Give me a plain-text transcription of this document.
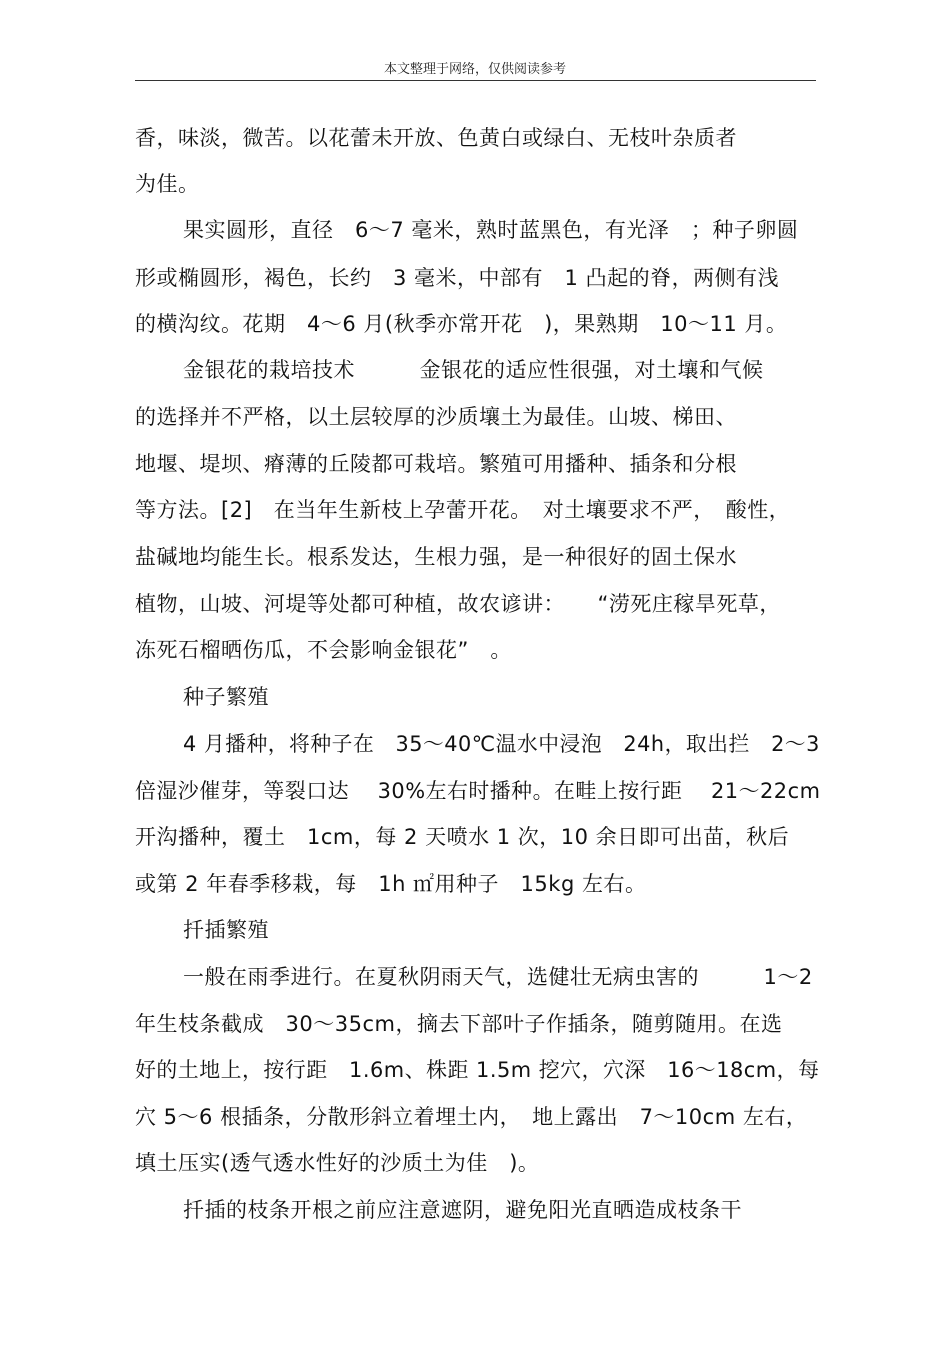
本文整理于网络，仅供阅读参考
香，味淡，微苦。以花蕾未开放、色黄白或绿白、无枝叶杂质者
为佳。
果实圆形，直径　6～7 毫米，熟时蓝黑色，有光泽　；种子卵圆
形或椭圆形，褐色，长约　3 毫米，中部有　1 凸起的脊，两侧有浅
的横沟纹。花期　4～6 月(秋季亦常开花　)，果熟期　10～11 月。
金银花的栽培技术　　　金银花的适应性很强，对土壤和气候
的选择并不严格，以土层较厚的沙质壤土为最佳。山坡、梯田、
地堰、堤坝、瘠薄的丘陵都可栽培。繁殖可用播种、插条和分根
等方法。[2]　在当年生新枝上孕蕾开花。　对土壤要求不严，　酸性，
盐碱地均能生长。根系发达，生根力强，是一种很好的固土保水
植物，山坡、河堤等处都可种植，故农谚讲：　　“涝死庄稼旱死草，
冻死石榴晒伤瓜，不会影响金银花”　。
种子繁殖
4 月播种，将种子在　35～40℃温水中浸泡　24h，取出拦　2～3
倍湿沙催芽，等裂口达　 30%左右时播种。在畦上按行距　 21～22cm
开沟播种，覆土　1cm，每 2 天喷水 1 次，10 余日即可出苗，秋后
或第 2 年春季移栽，每　1h ㎡用种子　15kg 左右。
扦插繁殖
一般在雨季进行。在夏秋阴雨天气，选健壮无病虫害的　　　1～2
年生枝条截成　30～35cm，摘去下部叶子作插条，随剪随用。在选
好的土地上，按行距　1.6m、株距 1.5m 挖穴，穴深　16～18cm，每
穴 5～6 根插条，分散形斜立着埋土内，　地上露出　7～10cm 左右，
填土压实(透气透水性好的沙质土为佳　)。
扦插的枝条开根之前应注意遮阴，避免阳光直晒造成枝条干
